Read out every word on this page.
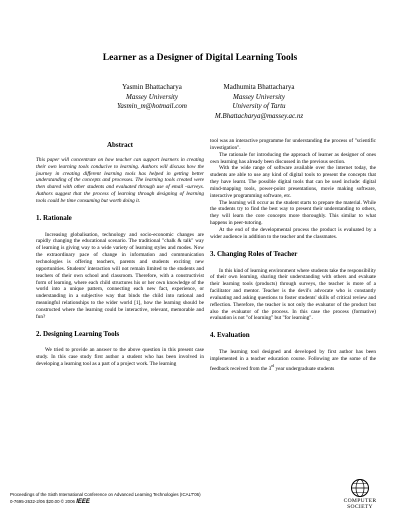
Learner as a Designer of Digital Learning Tools
Yasmin Bhattacharya
Massey University
Yasmin_m@hotmail.com
Madhumita Bhattacharya
Massey University
University of Tartu
M.Bhattacharya@massey.ac.nz
Abstract

This paper will concentrate on how teacher can support learners in creating their own learning tools conducive to learning. Authors will discuss how the journey in creating different learning tools has helped in getting better understanding of the concepts and processes. The learning tools created were then shared with other students and evaluated through use of email -surveys. Authors suggest that the process of learning through designing of learning tools could be time consuming but worth doing it.

1. Rationale

Increasing globalisation, technology and socio-economic changes are rapidly changing the educational scenario. The traditional "chalk & talk" way of learning is giving way to a wide variety of learning styles and modes. Now the extraordinary pace of change in information and communication technologies is offering teachers, parents and students exciting new opportunities. Students' interaction will not remain limited to the students and teachers of their own school and classroom. Therefore, with a constructivist form of learning, where each child structures his or her own knowledge of the world into a unique pattern, connecting each new fact, experience, or understanding in a subjective way that binds the child into rational and meaningful relationships to the wider world [1], how the learning should be constructed where the learning could be interactive, relevant, memorable and fun?

2. Designing Learning Tools

We tried to provide an answer to the above question in this present case study. In this case study first author a student who has been involved in developing a learning tool as a part of a project work. The learning

tool was an interactive programme for understanding the process of "scientific investigation".

The rationale for introducing the approach of learner as designer of ones own learning has already been discussed in the previous section.

With the wide range of software available over the internet today, the students are able to use any kind of digital tools to present the concepts that they have learnt. The possible digital tools that can be used include: digital mind-mapping tools, power-point presentations, movie making software, interactive programming software, etc.

The learning will occur as the student starts to prepare the material. While the students try to find the best way to present their understanding to others, they will learn the core concepts more thoroughly. This similar to what happens in peer-tutoring.

At the end of the developmental process the product is evaluated by a wider audience in addition to the teacher and the classmates.

3. Changing Roles of Teacher

In this kind of learning environment where students take the responsibility of their own learning, sharing their understanding with others and evaluate their learning tools (products) through surveys, the teacher is more of a facilitator and mentor. Teacher is the devil's advocate who is constantly evaluating and asking questions to foster students' skills of critical review and reflection. Therefore, the teacher is not only the evaluator of the product but also the evaluator of the process. In this case the process (formative) evaluation is not "of learning" but "for learning".

4. Evaluation

The learning tool designed and developed by first author has been implemented in a teacher education course. Following are the some of the feedback received from the 3rd year undergraduate students

Proceedings of the Sixth International Conference on Advanced Learning Technologies (ICALT'06)
0-7695-2632-2/06 $20.00 © 2006 IEEE	COMPUTER
SOCIETY
